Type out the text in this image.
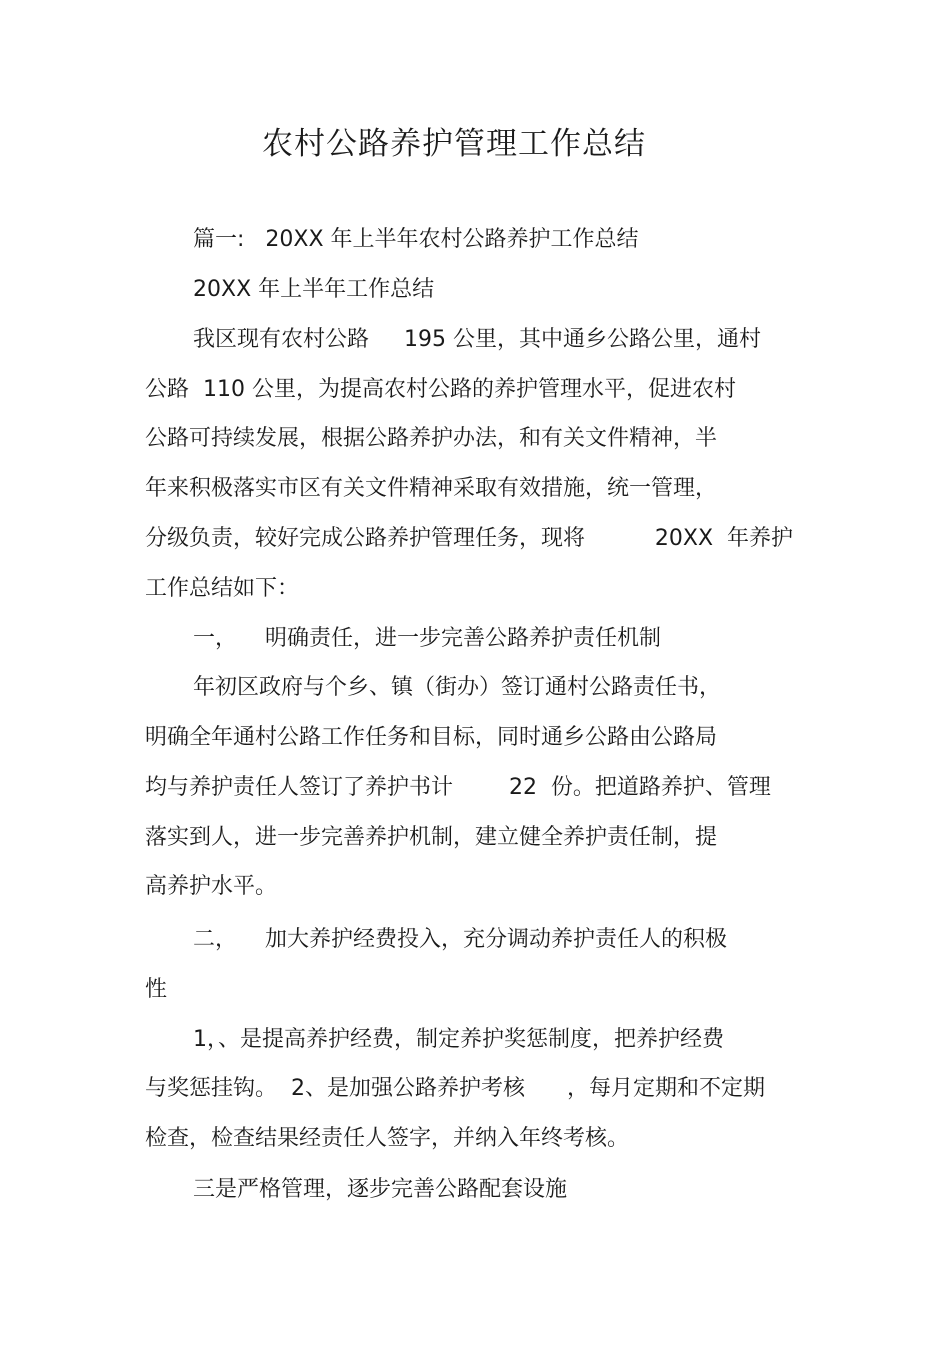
农村公路养护管理工作总结
篇一:   20XX 年上半年农村公路养护工作总结
20XX 年上半年工作总结
我区现有农村公路     195 公里，其中通乡公路公里，通村
公路  110 公里，为提高农村公路的养护管理水平，促进农村
公路可持续发展，根据公路养护办法，和有关文件精神，半
年来积极落实市区有关文件精神采取有效措施，统一管理，
分级负责，较好完成公路养护管理任务，现将          20XX  年养护
工作总结如下：
一，    明确责任，进一步完善公路养护责任机制
年初区政府与个乡、镇（街办）签订通村公路责任书，
明确全年通村公路工作任务和目标，同时通乡公路由公路局
均与养护责任人签订了养护书计        22  份。把道路养护、管理
落实到人，进一步完善养护机制，建立健全养护责任制，提
高养护水平。
二，    加大养护经费投入，充分调动养护责任人的积极
性
1，、是提高养护经费，制定养护奖惩制度，把养护经费
与奖惩挂钩。  2、是加强公路养护考核      ，每月定期和不定期
检查，检查结果经责任人签字，并纳入年终考核。
三是严格管理，逐步完善公路配套设施
